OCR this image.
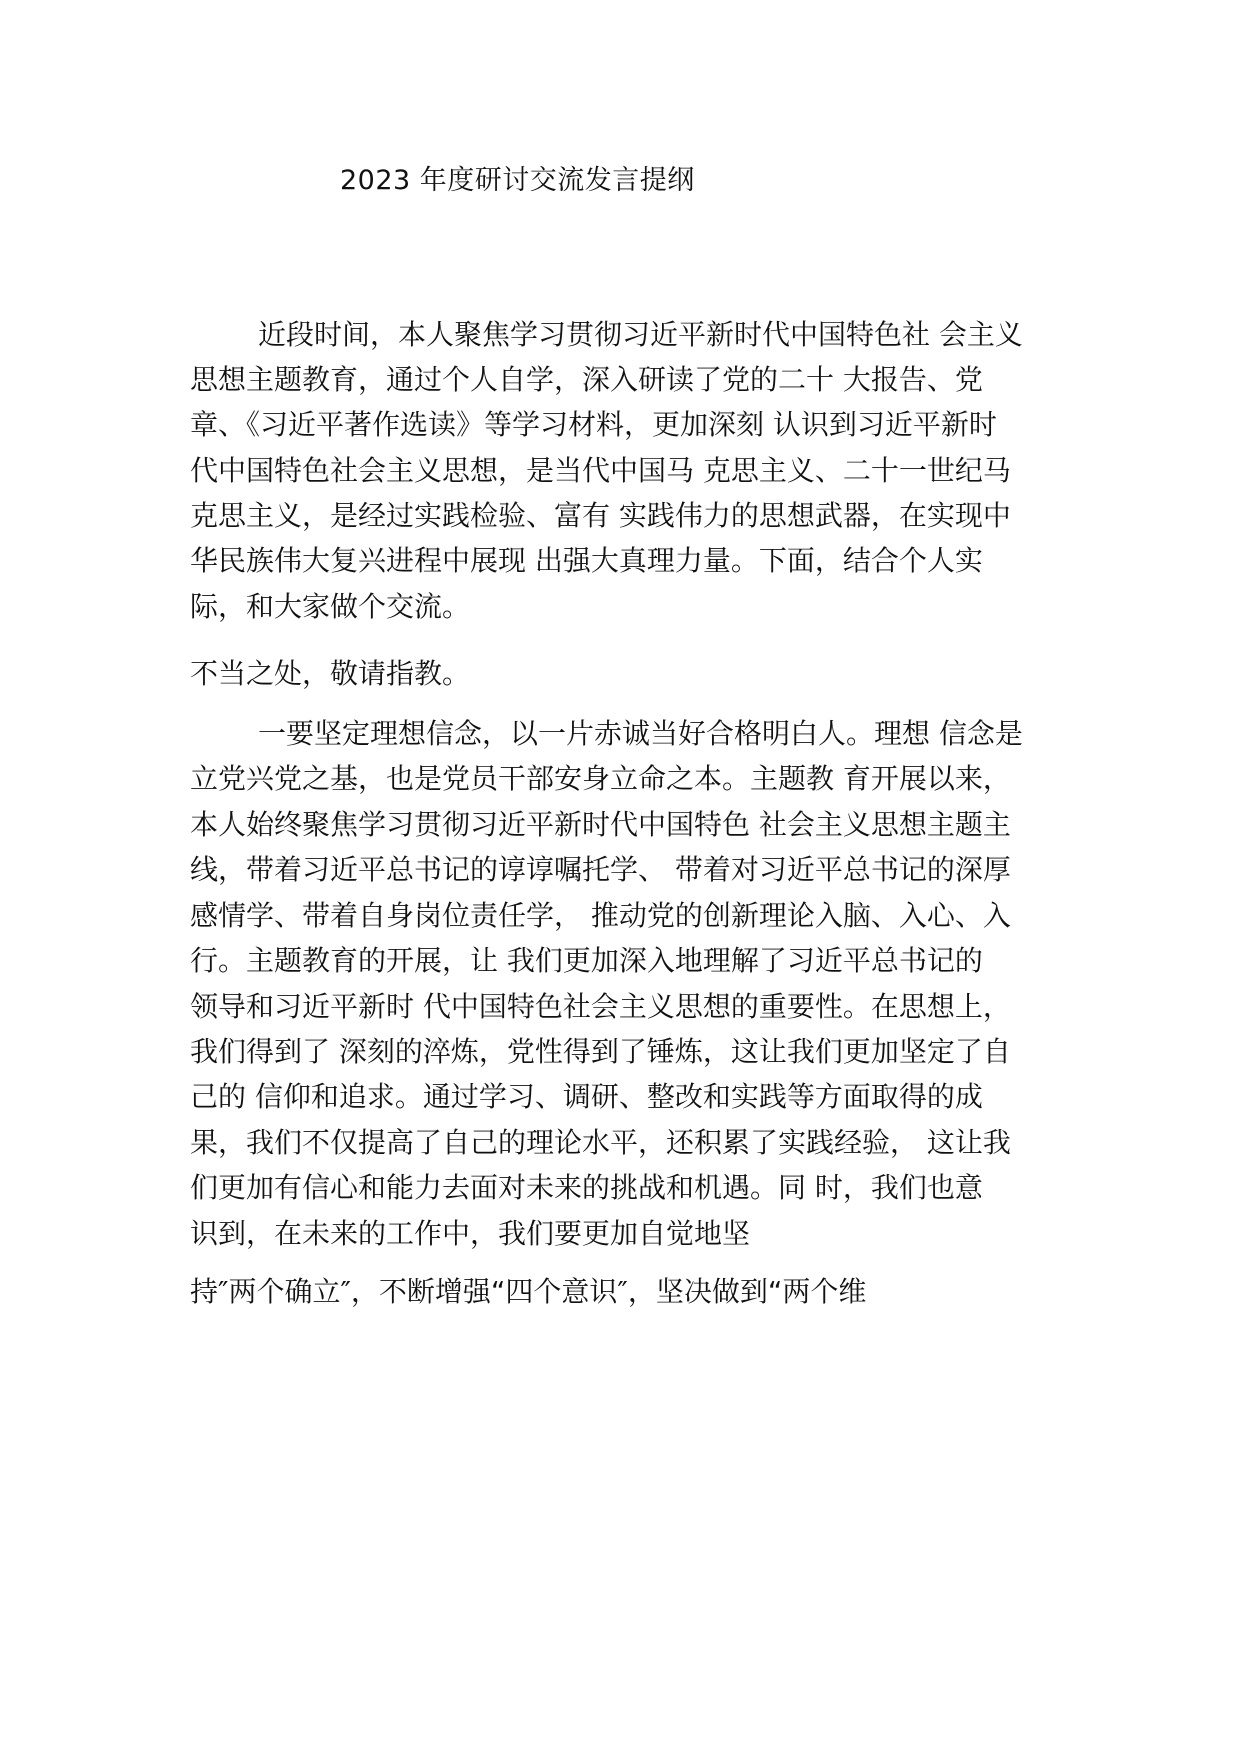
2023 年度研讨交流发言提纲
近段时间，本人聚焦学习贯彻习近平新时代中国特色社 会主义
思想主题教育，通过个人自学，深入研读了党的二十 大报告、党
章、《习近平著作选读》等学习材料，更加深刻 认识到习近平新时
代中国特色社会主义思想，是当代中国马 克思主义、二十一世纪马
克思主义，是经过实践检验、富有 实践伟力的思想武器，在实现中
华民族伟大复兴进程中展现 出强大真理力量。下面，结合个人实
际，和大家做个交流。
不当之处，敬请指教。
一要坚定理想信念，以一片赤诚当好合格明白人。理想 信念是
立党兴党之基，也是党员干部安身立命之本。主题教 育开展以来，
本人始终聚焦学习贯彻习近平新时代中国特色 社会主义思想主题主
线，带着习近平总书记的谆谆嘱托学、 带着对习近平总书记的深厚
感情学、带着自身岗位责任学， 推动党的创新理论入脑、入心、入
行。主题教育的开展，让 我们更加深入地理解了习近平总书记的
领导和习近平新时 代中国特色社会主义思想的重要性。在思想上，
我们得到了 深刻的淬炼，党性得到了锤炼，这让我们更加坚定了自
己的 信仰和追求。通过学习、调研、整改和实践等方面取得的成
果，我们不仅提高了自己的理论水平，还积累了实践经验， 这让我
们更加有信心和能力去面对未来的挑战和机遇。同 时，我们也意
识到，在未来的工作中，我们要更加自觉地坚
持″两个确立″，不断增强“四个意识″，坚决做到“两个维
